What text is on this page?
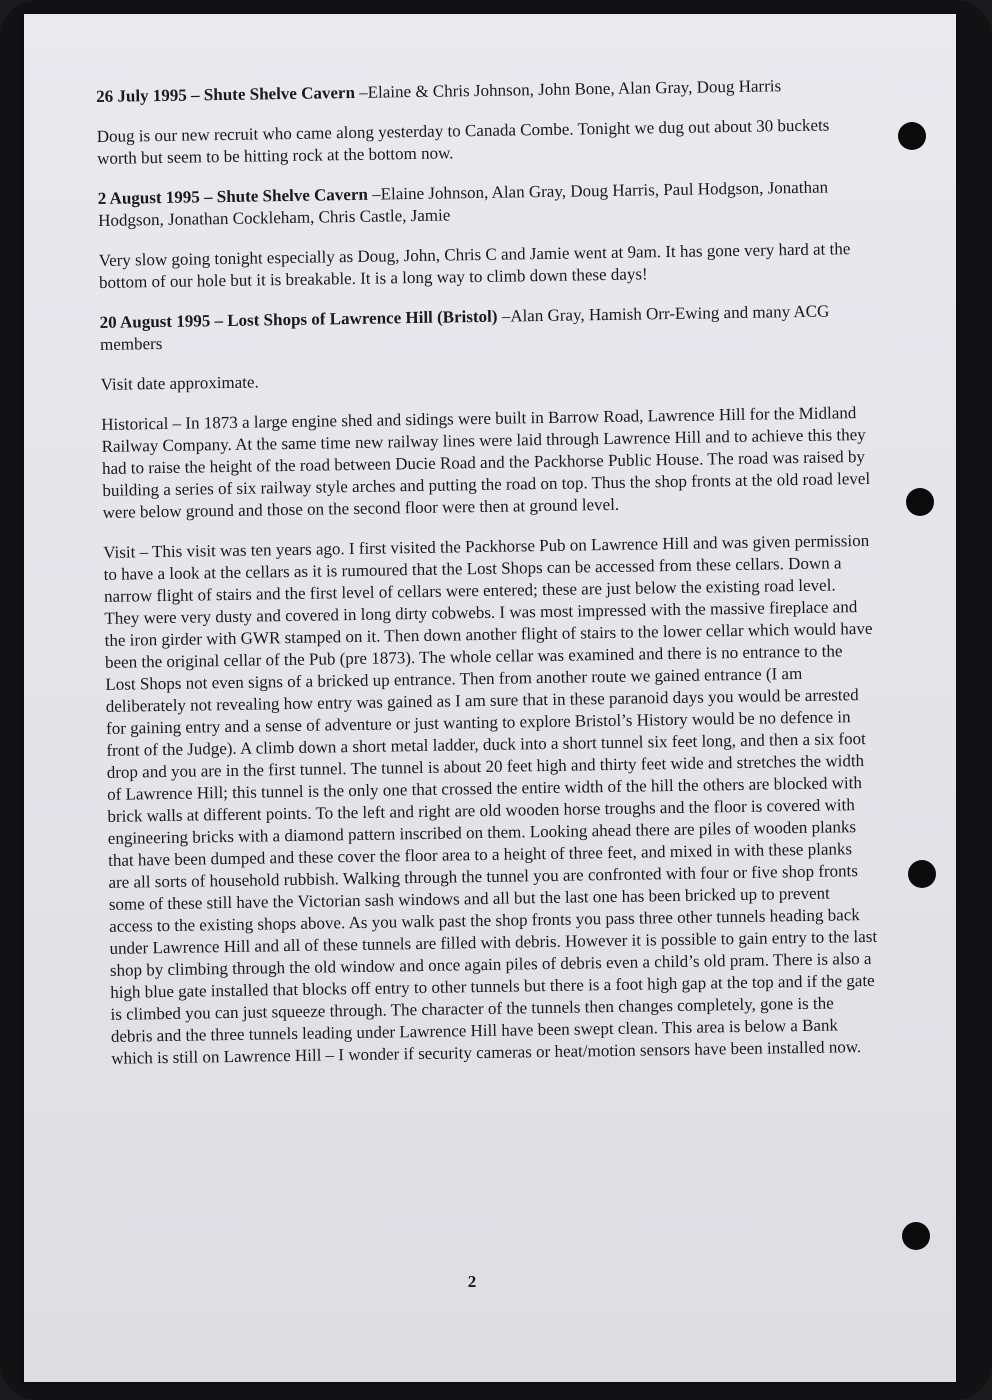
26 July 1995 – Shute Shelve Cavern –Elaine & Chris Johnson, John Bone, Alan Gray, Doug Harris

Doug is our new recruit who came along yesterday to Canada Combe. Tonight we dug out about 30 buckets worth but seem to be hitting rock at the bottom now.

2 August 1995 – Shute Shelve Cavern –Elaine Johnson, Alan Gray, Doug Harris, Paul Hodgson, Jonathan Hodgson, Jonathan Cockleham, Chris Castle, Jamie

Very slow going tonight especially as Doug, John, Chris C and Jamie went at 9am. It has gone very hard at the bottom of our hole but it is breakable. It is a long way to climb down these days!

20 August 1995 – Lost Shops of Lawrence Hill (Bristol) –Alan Gray, Hamish Orr-Ewing and many ACG members

Visit date approximate.

Historical – In 1873 a large engine shed and sidings were built in Barrow Road, Lawrence Hill for the Midland Railway Company. At the same time new railway lines were laid through Lawrence Hill and to achieve this they had to raise the height of the road between Ducie Road and the Packhorse Public House. The road was raised by building a series of six railway style arches and putting the road on top. Thus the shop fronts at the old road level were below ground and those on the second floor were then at ground level.

Visit – This visit was ten years ago. I first visited the Packhorse Pub on Lawrence Hill and was given permission to have a look at the cellars as it is rumoured that the Lost Shops can be accessed from these cellars. Down a narrow flight of stairs and the first level of cellars were entered; these are just below the existing road level. They were very dusty and covered in long dirty cobwebs. I was most impressed with the massive fireplace and the iron girder with GWR stamped on it. Then down another flight of stairs to the lower cellar which would have been the original cellar of the Pub (pre 1873). The whole cellar was examined and there is no entrance to the Lost Shops not even signs of a bricked up entrance. Then from another route we gained entrance (I am deliberately not revealing how entry was gained as I am sure that in these paranoid days you would be arrested for gaining entry and a sense of adventure or just wanting to explore Bristol’s History would be no defence in front of the Judge). A climb down a short metal ladder, duck into a short tunnel six feet long, and then a six foot drop and you are in the first tunnel. The tunnel is about 20 feet high and thirty feet wide and stretches the width of Lawrence Hill; this tunnel is the only one that crossed the entire width of the hill the others are blocked with brick walls at different points. To the left and right are old wooden horse troughs and the floor is covered with engineering bricks with a diamond pattern inscribed on them. Looking ahead there are piles of wooden planks that have been dumped and these cover the floor area to a height of three feet, and mixed in with these planks are all sorts of household rubbish. Walking through the tunnel you are confronted with four or five shop fronts some of these still have the Victorian sash windows and all but the last one has been bricked up to prevent access to the existing shops above. As you walk past the shop fronts you pass three other tunnels heading back under Lawrence Hill and all of these tunnels are filled with debris. However it is possible to gain entry to the last shop by climbing through the old window and once again piles of debris even a child’s old pram. There is also a high blue gate installed that blocks off entry to other tunnels but there is a foot high gap at the top and if the gate is climbed you can just squeeze through. The character of the tunnels then changes completely, gone is the debris and the three tunnels leading under Lawrence Hill have been swept clean. This area is below a Bank which is still on Lawrence Hill – I wonder if security cameras or heat/motion sensors have been installed now.

2
